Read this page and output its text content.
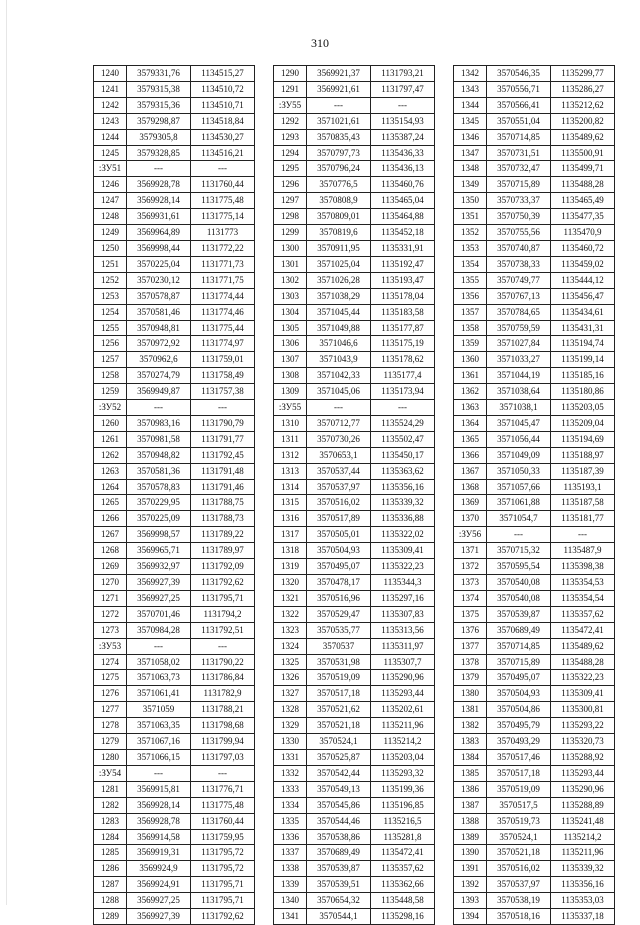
310
1240	3579331,76	1134515,27
1241	3579315,38	1134510,72
1242	3579315,36	1134510,71
1243	3579298,87	1134518,84
1244	3579305,8	1134530,27
1245	3579328,85	1134516,21
:ЗУ51	---	---
1246	3569928,78	1131760,44
1247	3569928,14	1131775,48
1248	3569931,61	1131775,14
1249	3569964,89	1131773
1250	3569998,44	1131772,22
1251	3570225,04	1131771,73
1252	3570230,12	1131771,75
1253	3570578,87	1131774,44
1254	3570581,46	1131774,46
1255	3570948,81	1131775,44
1256	3570972,92	1131774,97
1257	3570962,6	1131759,01
1258	3570274,79	1131758,49
1259	3569949,87	1131757,38
:ЗУ52	---	---
1260	3570983,16	1131790,79
1261	3570981,58	1131791,77
1262	3570948,82	1131792,45
1263	3570581,36	1131791,48
1264	3570578,83	1131791,46
1265	3570229,95	1131788,75
1266	3570225,09	1131788,73
1267	3569998,57	1131789,22
1268	3569965,71	1131789,97
1269	3569932,97	1131792,09
1270	3569927,39	1131792,62
1271	3569927,25	1131795,71
1272	3570701,46	1131794,2
1273	3570984,28	1131792,51
:ЗУ53	---	---
1274	3571058,02	1131790,22
1275	3571063,73	1131786,84
1276	3571061,41	1131782,9
1277	3571059	1131788,21
1278	3571063,35	1131798,68
1279	3571067,16	1131799,94
1280	3571066,15	1131797,03
:ЗУ54	---	---
1281	3569915,81	1131776,71
1282	3569928,14	1131775,48
1283	3569928,78	1131760,44
1284	3569914,58	1131759,95
1285	3569919,31	1131795,72
1286	3569924,9	1131795,72
1287	3569924,91	1131795,71
1288	3569927,25	1131795,71
1289	3569927,39	1131792,62
1290	3569921,37	1131793,21
1291	3569921,61	1131797,47
:ЗУ55	---	---
1292	3571021,61	1135154,93
1293	3570835,43	1135387,24
1294	3570797,73	1135436,33
1295	3570796,24	1135436,13
1296	3570776,5	1135460,76
1297	3570808,9	1135465,04
1298	3570809,01	1135464,88
1299	3570819,6	1135452,18
1300	3570911,95	1135331,91
1301	3571025,04	1135192,47
1302	3571026,28	1135193,47
1303	3571038,29	1135178,04
1304	3571045,44	1135183,58
1305	3571049,88	1135177,87
1306	3571046,6	1135175,19
1307	3571043,9	1135178,62
1308	3571042,33	1135177,4
1309	3571045,06	1135173,94
:ЗУ55	---	---
1310	3570712,77	1135524,29
1311	3570730,26	1135502,47
1312	3570653,1	1135450,17
1313	3570537,44	1135363,62
1314	3570537,97	1135356,16
1315	3570516,02	1135339,32
1316	3570517,89	1135336,88
1317	3570505,01	1135322,02
1318	3570504,93	1135309,41
1319	3570495,07	1135322,23
1320	3570478,17	1135344,3
1321	3570516,96	1135297,16
1322	3570529,47	1135307,83
1323	3570535,77	1135313,56
1324	3570537	1135311,97
1325	3570531,98	1135307,7
1326	3570519,09	1135290,96
1327	3570517,18	1135293,44
1328	3570521,62	1135202,61
1329	3570521,18	1135211,96
1330	3570524,1	1135214,2
1331	3570525,87	1135203,04
1332	3570542,44	1135293,32
1333	3570549,13	1135199,36
1334	3570545,86	1135196,85
1335	3570544,46	1135216,5
1336	3570538,86	1135281,8
1337	3570689,49	1135472,41
1338	3570539,87	1135357,62
1339	3570539,51	1135362,66
1340	3570654,32	1135448,58
1341	3570544,1	1135298,16
1342	3570546,35	1135299,77
1343	3570556,71	1135286,27
1344	3570566,41	1135212,62
1345	3570551,04	1135200,82
1346	3570714,85	1135489,62
1347	3570731,51	1135500,91
1348	3570732,47	1135499,71
1349	3570715,89	1135488,28
1350	3570733,37	1135465,49
1351	3570750,39	1135477,35
1352	3570755,56	1135470,9
1353	3570740,87	1135460,72
1354	3570738,33	1135459,02
1355	3570749,77	1135444,12
1356	3570767,13	1135456,47
1357	3570784,65	1135434,61
1358	3570759,59	1135431,31
1359	3571027,84	1135194,74
1360	3571033,27	1135199,14
1361	3571044,19	1135185,16
1362	3571038,64	1135180,86
1363	3571038,1	1135203,05
1364	3571045,47	1135209,04
1365	3571056,44	1135194,69
1366	3571049,09	1135188,97
1367	3571050,33	1135187,39
1368	3571057,66	1135193,1
1369	3571061,88	1135187,58
1370	3571054,7	1135181,77
:ЗУ56	---	---
1371	3570715,32	1135487,9
1372	3570595,54	1135398,38
1373	3570540,08	1135354,53
1374	3570540,08	1135354,54
1375	3570539,87	1135357,62
1376	3570689,49	1135472,41
1377	3570714,85	1135489,62
1378	3570715,89	1135488,28
1379	3570495,07	1135322,23
1380	3570504,93	1135309,41
1381	3570504,86	1135300,81
1382	3570495,79	1135293,22
1383	3570493,29	1135320,73
1384	3570517,46	1135288,92
1385	3570517,18	1135293,44
1386	3570519,09	1135290,96
1387	3570517,5	1135288,89
1388	3570519,73	1135241,48
1389	3570524,1	1135214,2
1390	3570521,18	1135211,96
1391	3570516,02	1135339,32
1392	3570537,97	1135356,16
1393	3570538,19	1135353,03
1394	3570518,16	1135337,18
